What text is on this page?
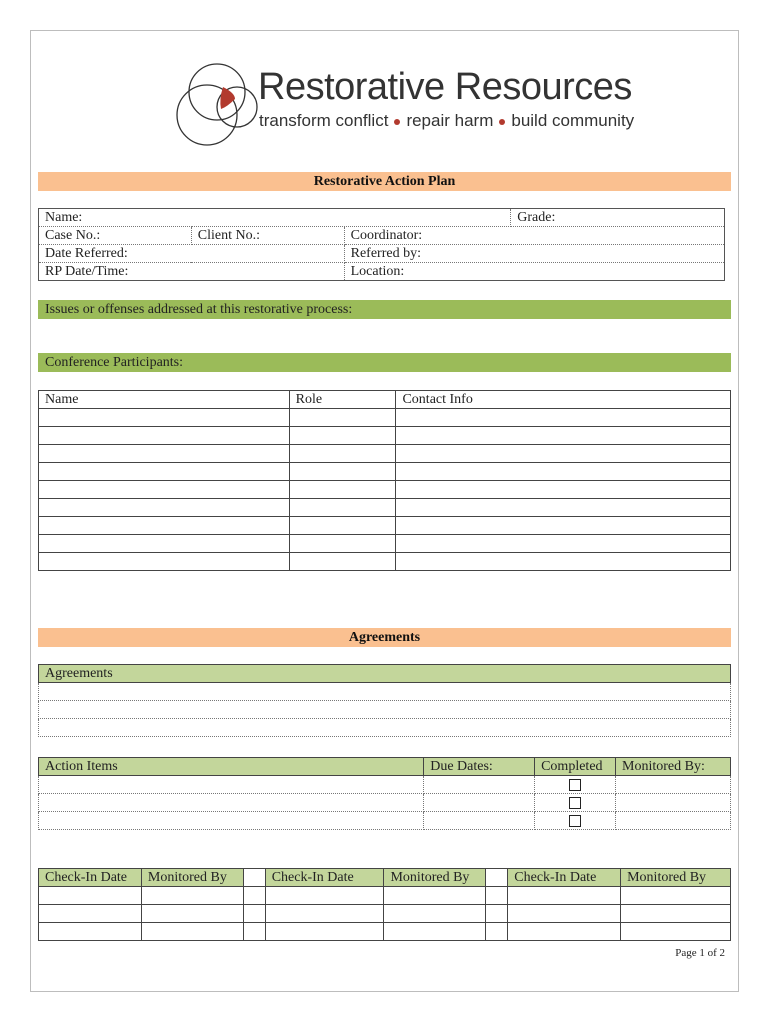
Restorative Resources
transform conflict repair harm build community
Restorative Action Plan
Name:			Grade:
Case No.:	Client No.:	Coordinator:	
Date Referred:		Referred by:	
RP Date/Time:		Location:	
Issues or offenses addressed at this restorative process:
Conference Participants:
Name	Role	Contact Info

Agreements
Agreements

Action Items	Due Dates:	Completed	Monitored By:

Check-In Date	Monitored By		Check-In Date	Monitored By		Check-In Date	Monitored By

Page 1 of 2
